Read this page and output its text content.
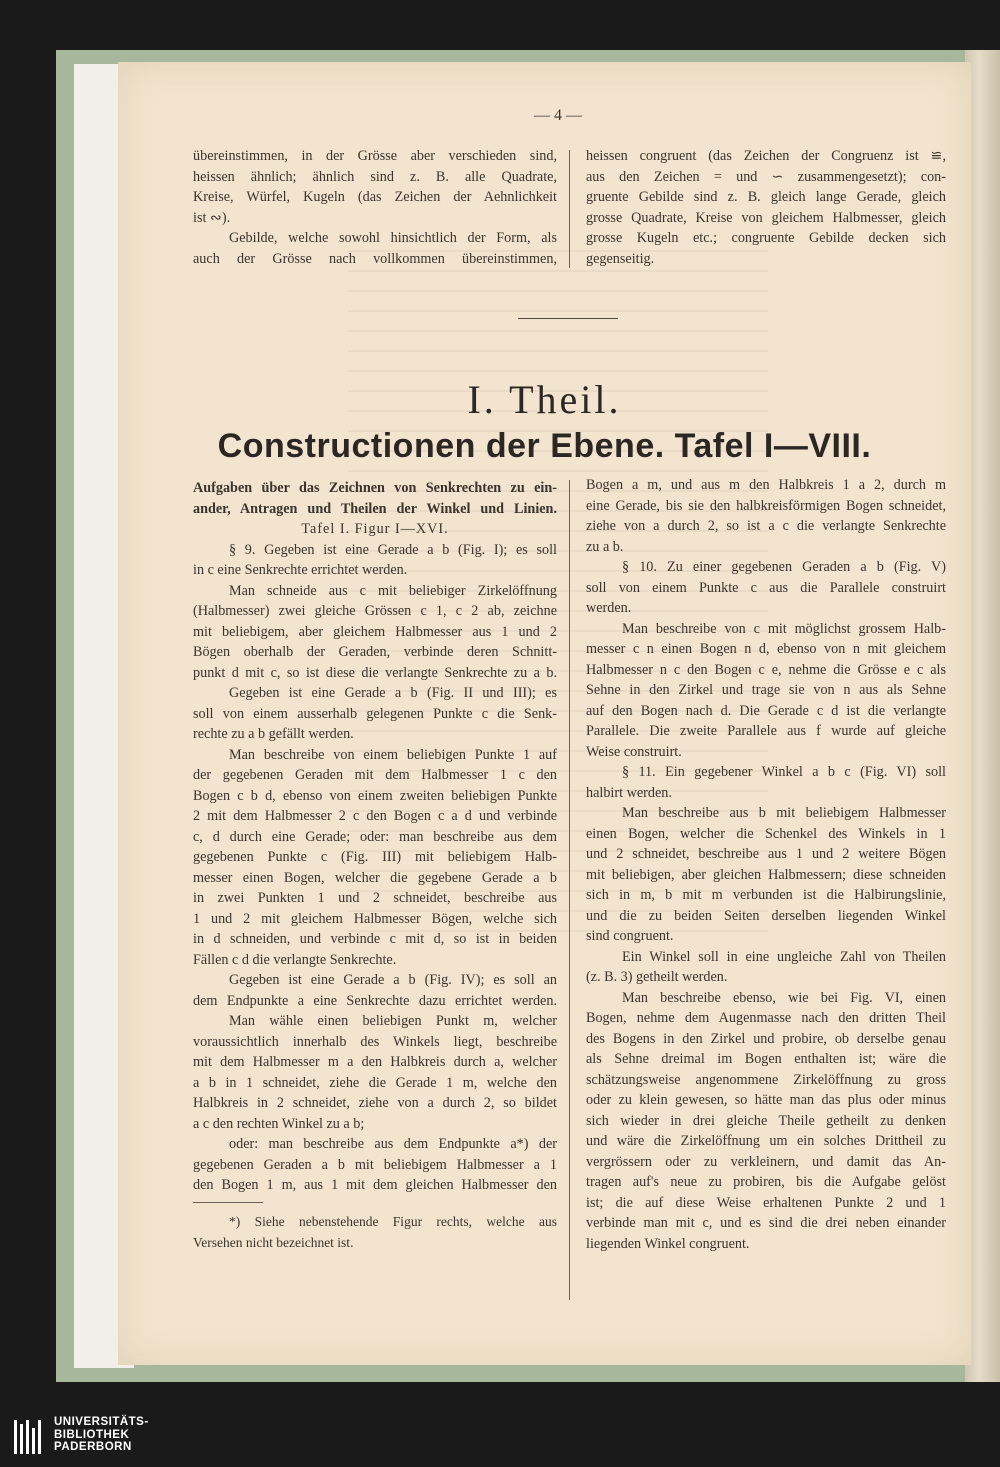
— 4 —
übereinstimmen, in der Grösse aber verschieden sind,
heissen ähnlich; ähnlich sind z. B. alle Quadrate,
Kreise, Würfel, Kugeln (das Zeichen der Aehnlichkeit
ist ∾).
Gebilde, welche sowohl hinsichtlich der Form, als
auch der Grösse nach vollkommen übereinstimmen,
heissen congruent (das Zeichen der Congruenz ist ≌,
aus den Zeichen = und ∽ zusammengesetzt); con-
gruente Gebilde sind z. B. gleich lange Gerade, gleich
grosse Quadrate, Kreise von gleichem Halbmesser, gleich
grosse Kugeln etc.; congruente Gebilde decken sich
gegenseitig.
I. Theil.
Constructionen der Ebene. Tafel I—VIII.
Aufgaben über das Zeichnen von Senkrechten zu ein-
ander, Antragen und Theilen der Winkel und Linien.
Tafel I. Figur I—XVI.
§ 9. Gegeben ist eine Gerade a b (Fig. I); es soll
in c eine Senkrechte errichtet werden.
Man schneide aus c mit beliebiger Zirkelöffnung
(Halbmesser) zwei gleiche Grössen c 1, c 2 ab, zeichne
mit beliebigem, aber gleichem Halbmesser aus 1 und 2
Bögen oberhalb der Geraden, verbinde deren Schnitt-
punkt d mit c, so ist diese die verlangte Senkrechte zu a b.
Gegeben ist eine Gerade a b (Fig. II und III); es
soll von einem ausserhalb gelegenen Punkte c die Senk-
rechte zu a b gefällt werden.
Man beschreibe von einem beliebigen Punkte 1 auf
der gegebenen Geraden mit dem Halbmesser 1 c den
Bogen c b d, ebenso von einem zweiten beliebigen Punkte
2 mit dem Halbmesser 2 c den Bogen c a d und verbinde
c, d durch eine Gerade; oder: man beschreibe aus dem
gegebenen Punkte c (Fig. III) mit beliebigem Halb-
messer einen Bogen, welcher die gegebene Gerade a b
in zwei Punkten 1 und 2 schneidet, beschreibe aus
1 und 2 mit gleichem Halbmesser Bögen, welche sich
in d schneiden, und verbinde c mit d, so ist in beiden
Fällen c d die verlangte Senkrechte.
Gegeben ist eine Gerade a b (Fig. IV); es soll an
dem Endpunkte a eine Senkrechte dazu errichtet werden.
Man wähle einen beliebigen Punkt m, welcher
voraussichtlich innerhalb des Winkels liegt, beschreibe
mit dem Halbmesser m a den Halbkreis durch a, welcher
a b in 1 schneidet, ziehe die Gerade 1 m, welche den
Halbkreis in 2 schneidet, ziehe von a durch 2, so bildet
a c den rechten Winkel zu a b;
oder: man beschreibe aus dem Endpunkte a*) der
gegebenen Geraden a b mit beliebigem Halbmesser a 1
den Bogen 1 m, aus 1 mit dem gleichen Halbmesser den
*) Siehe nebenstehende Figur rechts, welche aus
Versehen nicht bezeichnet ist.
Bogen a m, und aus m den Halbkreis 1 a 2, durch m
eine Gerade, bis sie den halbkreisförmigen Bogen schneidet,
ziehe von a durch 2, so ist a c die verlangte Senkrechte
zu a b.
§ 10. Zu einer gegebenen Geraden a b (Fig. V)
soll von einem Punkte c aus die Parallele construirt
werden.
Man beschreibe von c mit möglichst grossem Halb-
messer c n einen Bogen n d, ebenso von n mit gleichem
Halbmesser n c den Bogen c e, nehme die Grösse e c als
Sehne in den Zirkel und trage sie von n aus als Sehne
auf den Bogen nach d. Die Gerade c d ist die verlangte
Parallele. Die zweite Parallele aus f wurde auf gleiche
Weise construirt.
§ 11. Ein gegebener Winkel a b c (Fig. VI) soll
halbirt werden.
Man beschreibe aus b mit beliebigem Halbmesser
einen Bogen, welcher die Schenkel des Winkels in 1
und 2 schneidet, beschreibe aus 1 und 2 weitere Bögen
mit beliebigen, aber gleichen Halbmessern; diese schneiden
sich in m, b mit m verbunden ist die Halbirungslinie,
und die zu beiden Seiten derselben liegenden Winkel
sind congruent.
Ein Winkel soll in eine ungleiche Zahl von Theilen
(z. B. 3) getheilt werden.
Man beschreibe ebenso, wie bei Fig. VI, einen
Bogen, nehme dem Augenmasse nach den dritten Theil
des Bogens in den Zirkel und probire, ob derselbe genau
als Sehne dreimal im Bogen enthalten ist; wäre die
schätzungsweise angenommene Zirkelöffnung zu gross
oder zu klein gewesen, so hätte man das plus oder minus
sich wieder in drei gleiche Theile getheilt zu denken
und wäre die Zirkelöffnung um ein solches Drittheil zu
vergrössern oder zu verkleinern, und damit das An-
tragen auf's neue zu probiren, bis die Aufgabe gelöst
ist; die auf diese Weise erhaltenen Punkte 2 und 1
verbinde man mit c, und es sind die drei neben einander
liegenden Winkel congruent.
UNIVERSITÄTS-
BIBLIOTHEK
PADERBORN
